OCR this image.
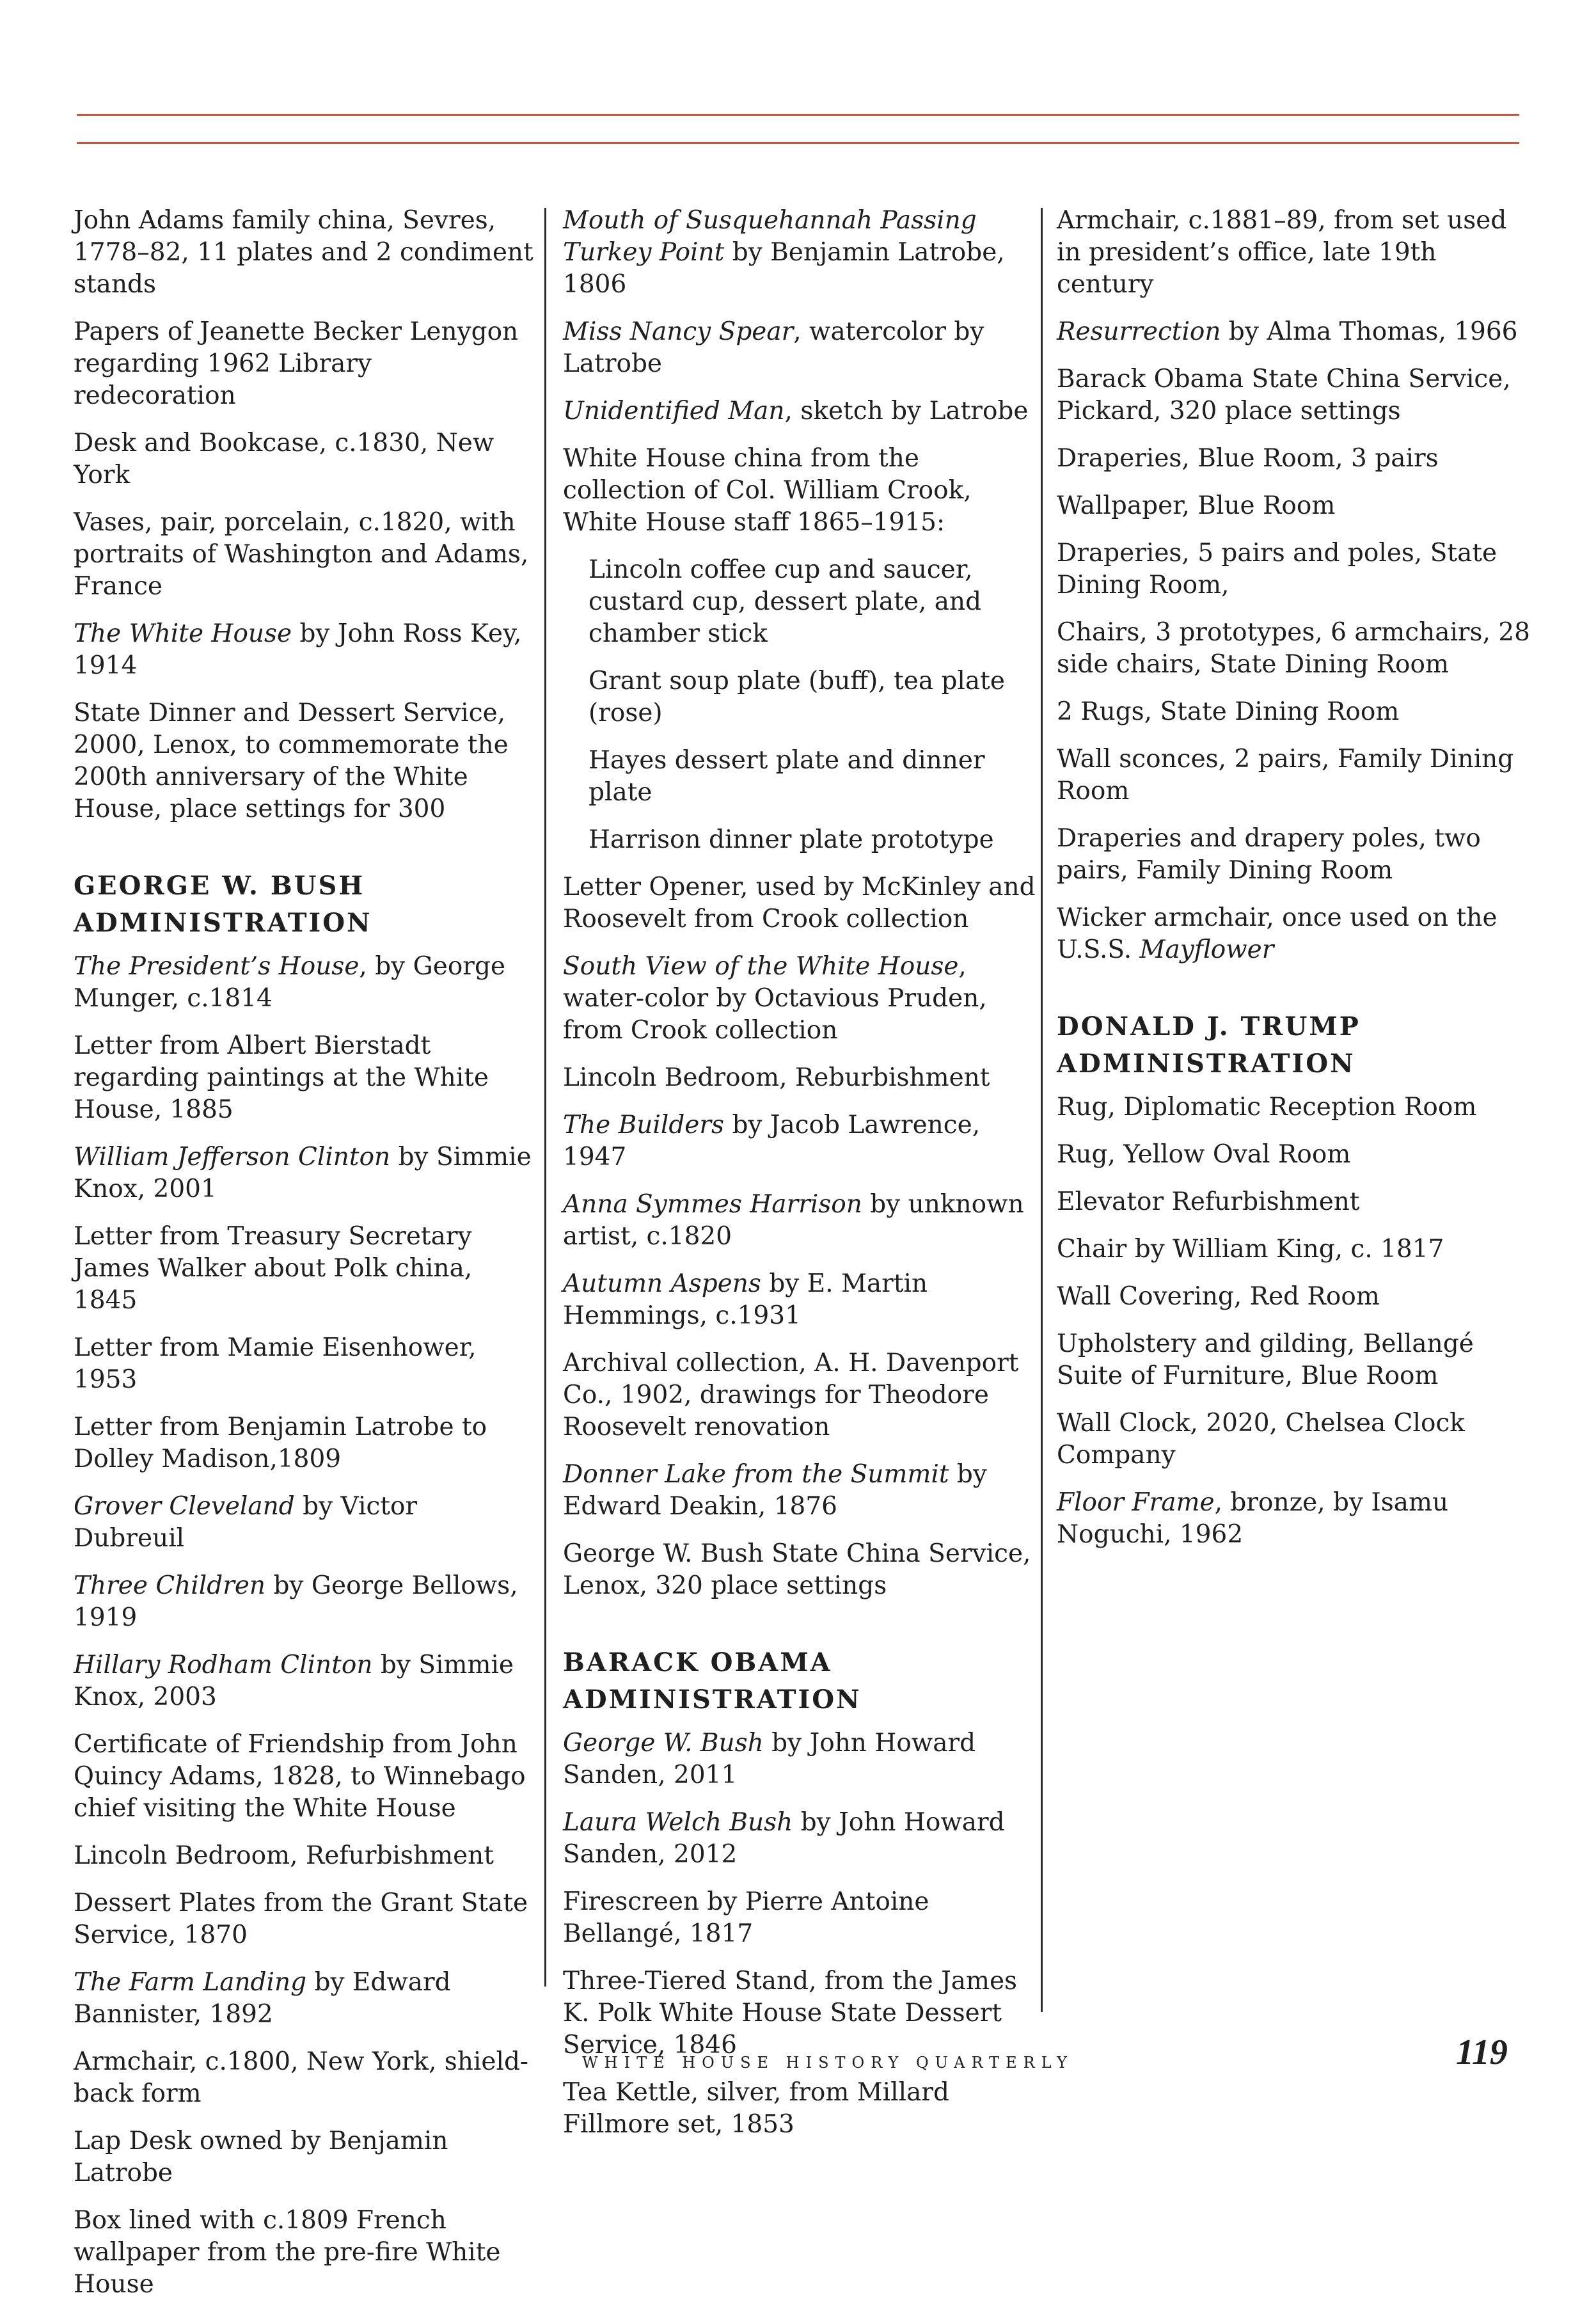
John Adams family china, Sevres, 1778–82, 11 plates and 2 condiment stands
Papers of Jeanette Becker Lenygon regarding 1962 Library redecoration
Desk and Bookcase, c.1830, New York
Vases, pair, porcelain, c.1820, with portraits of Washington and Adams, France
The White House by John Ross Key, 1914
State Dinner and Dessert Service, 2000, Lenox, to commemorate the 200th anniversary of the White House, place settings for 300
GEORGE W. BUSH ADMINISTRATION
The President’s House, by George Munger, c.1814
Letter from Albert Bierstadt regarding paintings at the White House, 1885
William Jefferson Clinton by Simmie Knox, 2001
Letter from Treasury Secretary James Walker about Polk china, 1845
Letter from Mamie Eisenhower, 1953
Letter from Benjamin Latrobe to Dolley Madison,1809
Grover Cleveland by Victor Dubreuil
Three Children by George Bellows, 1919
Hillary Rodham Clinton by Simmie Knox, 2003
Certificate of Friendship from John Quincy Adams, 1828, to Winnebago chief visiting the White House
Lincoln Bedroom, Refurbishment
Dessert Plates from the Grant State Service, 1870
The Farm Landing by Edward Bannister, 1892
Armchair, c.1800, New York, shield-back form
Lap Desk owned by Benjamin Latrobe
Box lined with c.1809 French wallpaper from the pre-fire White House
Mouth of Susquehannah Passing Turkey Point by Benjamin Latrobe, 1806
Miss Nancy Spear, watercolor by Latrobe
Unidentified Man, sketch by Latrobe
White House china from the collection of Col. William Crook, White House staff 1865–1915:
Lincoln coffee cup and saucer, custard cup, dessert plate, and chamber stick
Grant soup plate (buff), tea plate (rose)
Hayes dessert plate and dinner plate
Harrison dinner plate prototype
Letter Opener, used by McKinley and Roosevelt from Crook collection
South View of the White House, water-color by Octavious Pruden, from Crook collection
Lincoln Bedroom, Reburbishment
The Builders by Jacob Lawrence, 1947
Anna Symmes Harrison by unknown artist, c.1820
Autumn Aspens by E. Martin Hemmings, c.1931
Archival collection, A. H. Davenport Co., 1902, drawings for Theodore Roosevelt renovation
Donner Lake from the Summit by Edward Deakin, 1876
George W. Bush State China Service, Lenox, 320 place settings
BARACK OBAMA ADMINISTRATION
George W. Bush by John Howard Sanden, 2011
Laura Welch Bush by John Howard Sanden, 2012
Firescreen by Pierre Antoine Bellangé, 1817
Three-Tiered Stand, from the James K. Polk White House State Dessert Service, 1846
Tea Kettle, silver, from Millard Fillmore set, 1853
Armchair, c.1881–89, from set used in president’s office, late 19th century
Resurrection by Alma Thomas, 1966
Barack Obama State China Service, Pickard, 320 place settings
Draperies, Blue Room, 3 pairs
Wallpaper, Blue Room
Draperies, 5 pairs and poles, State Dining Room,
Chairs, 3 prototypes, 6 armchairs, 28 side chairs, State Dining Room
2 Rugs, State Dining Room
Wall sconces, 2 pairs, Family Dining Room
Draperies and drapery poles, two pairs, Family Dining Room
Wicker armchair, once used on the U.S.S. Mayflower
DONALD J. TRUMP ADMINISTRATION
Rug, Diplomatic Reception Room
Rug, Yellow Oval Room
Elevator Refurbishment
Chair by William King, c. 1817
Wall Covering, Red Room
Upholstery and gilding, Bellangé Suite of Furniture, Blue Room
Wall Clock, 2020, Chelsea Clock Company
Floor Frame, bronze, by Isamu Noguchi, 1962
WHITE HOUSE HISTORY QUARTERLY	119
